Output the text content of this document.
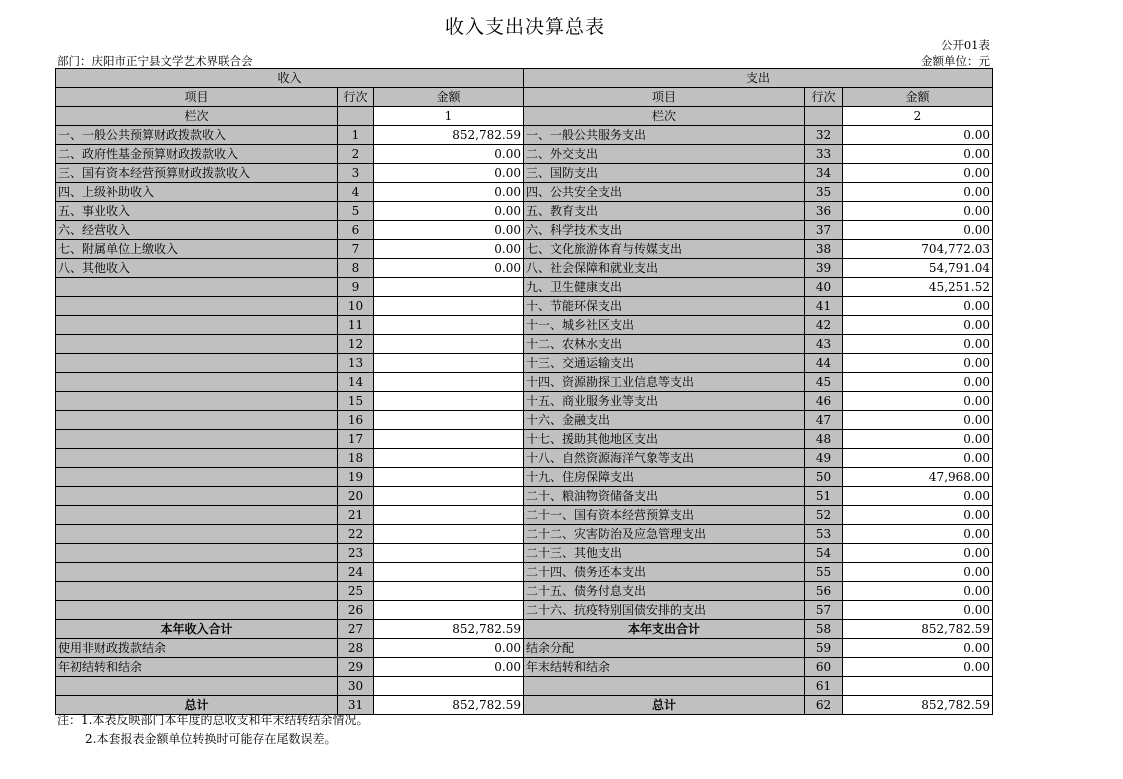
收入支出决算总表
公开01表
部门：庆阳市正宁县文学艺术界联合会	金额单位：元
收入			支出		
项目	行次	金额	项目	行次	金额
栏次		1	栏次		2
一、一般公共预算财政拨款收入	1	852,782.59	一、一般公共服务支出	32	0.00
二、政府性基金预算财政拨款收入	2	0.00	二、外交支出	33	0.00
三、国有资本经营预算财政拨款收入	3	0.00	三、国防支出	34	0.00
四、上级补助收入	4	0.00	四、公共安全支出	35	0.00
五、事业收入	5	0.00	五、教育支出	36	0.00
六、经营收入	6	0.00	六、科学技术支出	37	0.00
七、附属单位上缴收入	7	0.00	七、文化旅游体育与传媒支出	38	704,772.03
八、其他收入	8	0.00	八、社会保障和就业支出	39	54,791.04
	9		九、卫生健康支出	40	45,251.52
	10		十、节能环保支出	41	0.00
	11		十一、城乡社区支出	42	0.00
	12		十二、农林水支出	43	0.00
	13		十三、交通运输支出	44	0.00
	14		十四、资源勘探工业信息等支出	45	0.00
	15		十五、商业服务业等支出	46	0.00
	16		十六、金融支出	47	0.00
	17		十七、援助其他地区支出	48	0.00
	18		十八、自然资源海洋气象等支出	49	0.00
	19		十九、住房保障支出	50	47,968.00
	20		二十、粮油物资储备支出	51	0.00
	21		二十一、国有资本经营预算支出	52	0.00
	22		二十二、灾害防治及应急管理支出	53	0.00
	23		二十三、其他支出	54	0.00
	24		二十四、债务还本支出	55	0.00
	25		二十五、债务付息支出	56	0.00
	26		二十六、抗疫特别国债安排的支出	57	0.00
本年收入合计	27	852,782.59	本年支出合计	58	852,782.59
使用非财政拨款结余	28	0.00	结余分配	59	0.00
年初结转和结余	29	0.00	年末结转和结余	60	0.00
	30			61	
总计	31	852,782.59	总计	62	852,782.59
注：1.本表反映部门本年度的总收支和年末结转结余情况。
2.本套报表金额单位转换时可能存在尾数误差。
